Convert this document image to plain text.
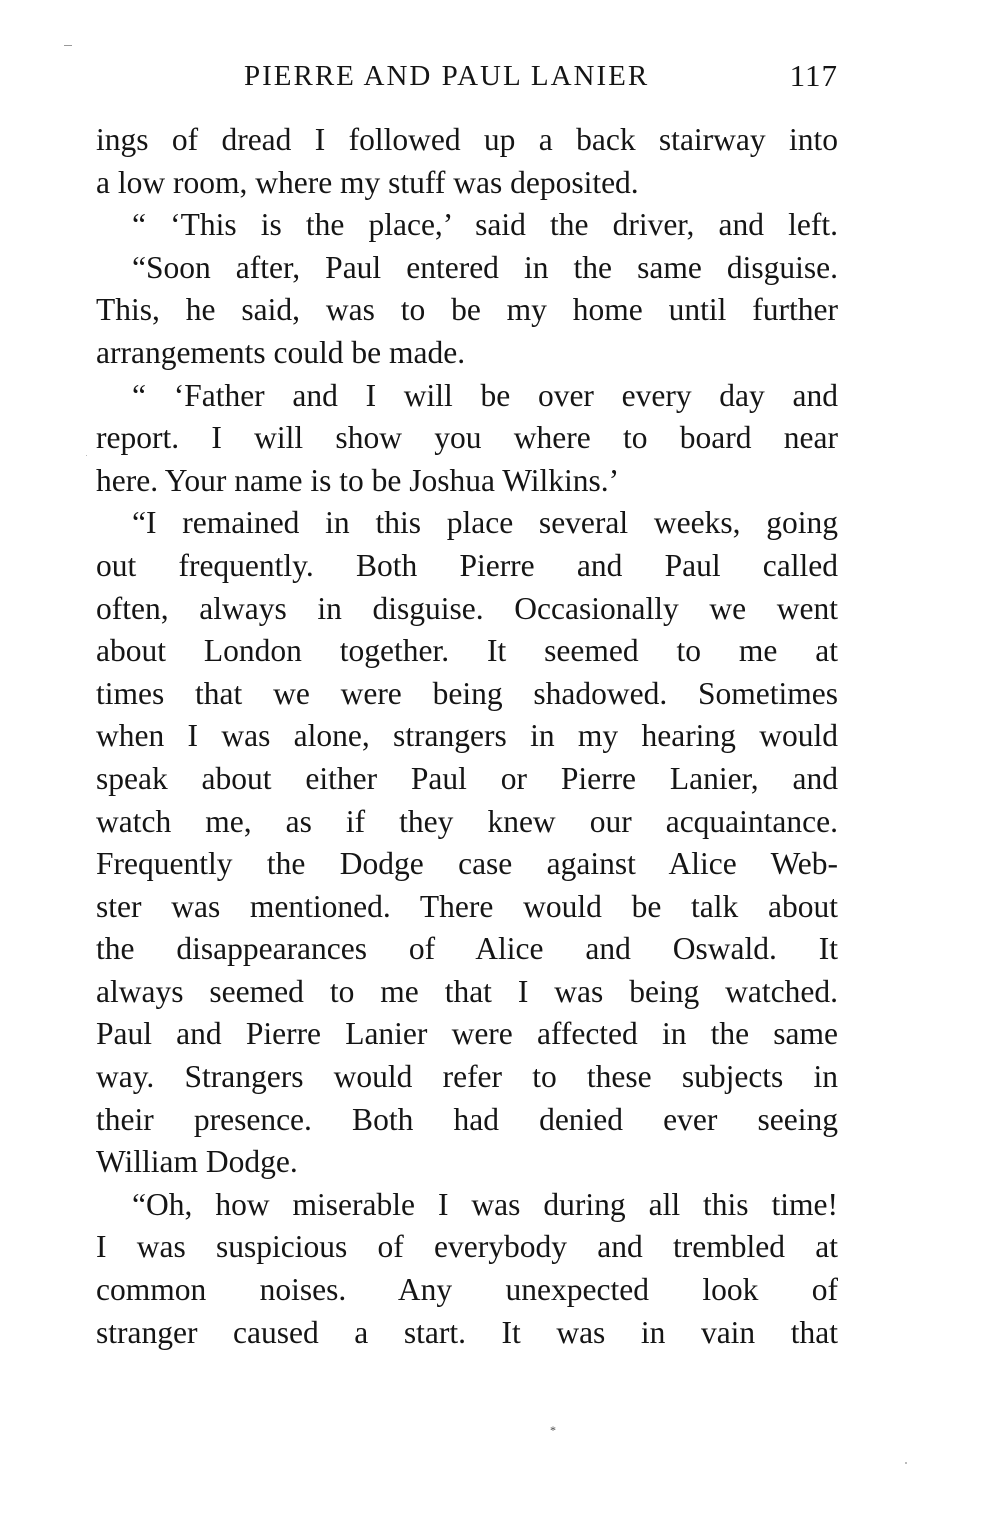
PIERRE AND PAUL LANIER	117
ings of dread I followed up a back stairway into
a low room, where my stuff was deposited.
“ ‘This is the place,’ said the driver, and left.
“Soon after, Paul entered in the same disguise.
This, he said, was to be my home until further
arrangements could be made.
“ ‘Father and I will be over every day and
report. I will show you where to board near
here. Your name is to be Joshua Wilkins.’
“I remained in this place several weeks, going
out frequently. Both Pierre and Paul called
often, always in disguise. Occasionally we went
about London together. It seemed to me at
times that we were being shadowed. Sometimes
when I was alone, strangers in my hearing would
speak about either Paul or Pierre Lanier, and
watch me, as if they knew our acquaintance.
Frequently the Dodge case against Alice Web-
ster was mentioned. There would be talk about
the disappearances of Alice and Oswald. It
always seemed to me that I was being watched.
Paul and Pierre Lanier were affected in the same
way. Strangers would refer to these subjects in
their presence. Both had denied ever seeing
William Dodge.
“Oh, how miserable I was during all this time!
I was suspicious of everybody and trembled at
common noises. Any unexpected look of
stranger caused a start. It was in vain that
*
